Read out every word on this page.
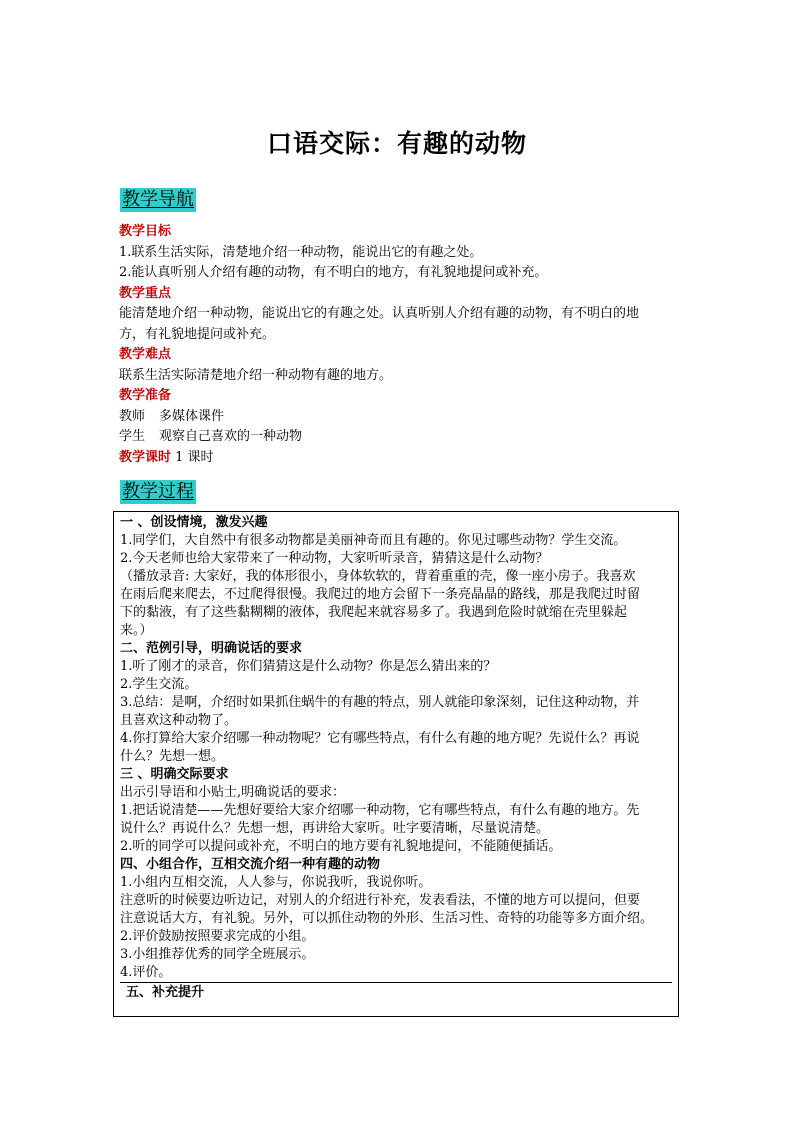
口语交际：有趣的动物
教学导航

教学目标

1.联系生活实际，清楚地介绍一种动物，能说出它的有趣之处。

2.能认真听别人介绍有趣的动物，有不明白的地方，有礼貌地提问或补充。

教学重点

能清楚地介绍一种动物，能说出它的有趣之处。认真听别人介绍有趣的动物，有不明白的地
方，有礼貌地提问或补充。

教学难点

联系生活实际清楚地介绍一种动物有趣的地方。

教学准备

教师 多媒体课件

学生 观察自己喜欢的一种动物

教学课时 1 课时

教学过程

一 、创设情境，激发兴趣

1.同学们，大自然中有很多动物都是美丽神奇而且有趣的。你见过哪些动物？学生交流。

2.今天老师也给大家带来了一种动物，大家听听录音，猜猜这是什么动物？

（播放录音: 大家好，我的体形很小，身体软软的，背着重重的壳，像一座小房子。我喜欢
在雨后爬来爬去，不过爬得很慢。我爬过的地方会留下一条亮晶晶的路线，那是我爬过时留
下的黏液，有了这些黏糊糊的液体，我爬起来就容易多了。我遇到危险时就缩在壳里躲起
来。）

二、范例引导，明确说话的要求

1.听了刚才的录音，你们猜猜这是什么动物？你是怎么猜出来的？

2.学生交流。

3.总结：是啊，介绍时如果抓住蜗牛的有趣的特点，别人就能印象深刻，记住这种动物，并
且喜欢这种动物了。

4.你打算给大家介绍哪一种动物呢？它有哪些特点，有什么有趣的地方呢？先说什么？再说
什么？先想一想。

三 、明确交际要求

出示引导语和小贴士,明确说话的要求：

1.把话说清楚——先想好要给大家介绍哪一种动物，它有哪些特点，有什么有趣的地方。先
说什么？再说什么？先想一想，再讲给大家听。吐字要清晰，尽量说清楚。

2.听的同学可以提问或补充，不明白的地方要有礼貌地提问，不能随便插话。

四、小组合作，互相交流介绍一种有趣的动物

1.小组内互相交流，人人参与，你说我听，我说你听。

注意听的时候要边听边记，对别人的介绍进行补充，发表看法，不懂的地方可以提问，但要
注意说话大方，有礼貌。另外，可以抓住动物的外形、生活习性、奇特的功能等多方面介绍。

2.评价鼓励按照要求完成的小组。

3.小组推荐优秀的同学全班展示。

4.评价。

五、补充提升
